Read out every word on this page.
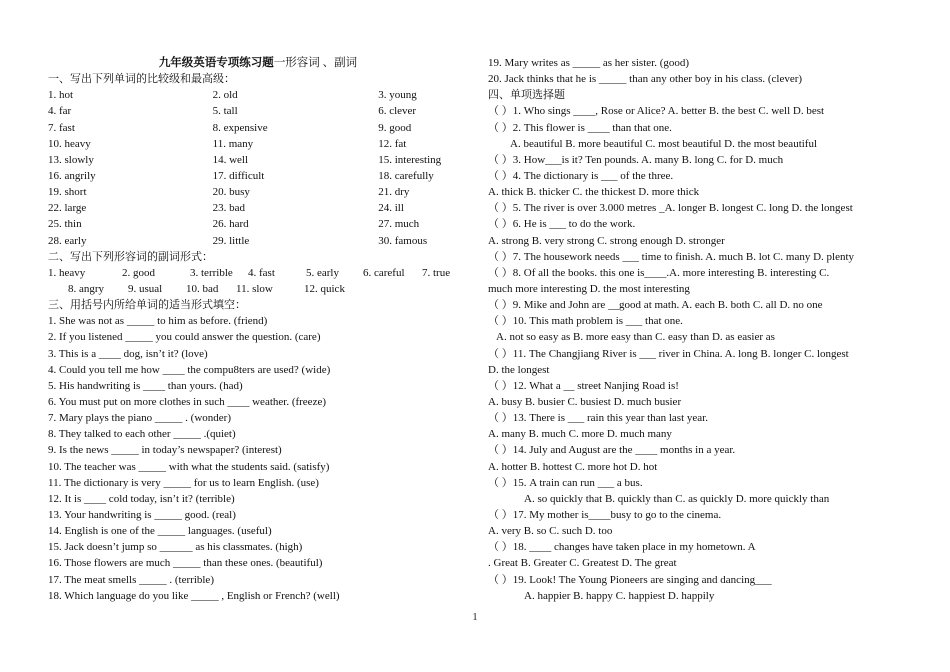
九年级英语专项练习题一形容词 、副词
一、写出下列单词的比较级和最高级：
1. hot	2. old	3. young
4. far	5. tall	6. clever
7. fast	8. expensive	9. good
10. heavy	11. many	12. fat
13. slowly	14. well	15. interesting
16. angrily	17. difficult	18. carefully
19. short	20. busy	21. dry
22. large	23. bad	24. ill
25. thin	26. hard	27. much
28. early	29. little	30. famous
二、写出下列形容词的副词形式：
1. heavy	2. good	3. terrible 4. fast	5. early 6. careful 7. true
8. angry 9. usual 10. bad 11. slow	12. quick
三、用括号内所给单词的适当形式填空：
1. She was not as _____ to him as before. (friend)
2. If you listened _____ you could answer the question. (care)
3. This is a ____ dog, isn’t it? (love)
4. Could you tell me how ____ the compu8ters are used? (wide)
5. His handwriting is ____ than yours. (had)
6. You must put on more clothes in such ____ weather. (freeze)
7. Mary plays the piano _____ . (wonder)
8. They talked to each other _____ .(quiet)
9. Is the news _____ in today’s newspaper? (interest)
10. The teacher was _____ with what the students said. (satisfy)
11. The dictionary is very _____ for us to learn English. (use)
12. It is ____ cold today, isn’t it? (terrible)
13. Your handwriting is _____ good. (real)
14. English is one of the _____ languages. (useful)
15. Jack doesn’t jump so ______ as his classmates. (high)
16. Those flowers are much _____ than these ones. (beautiful)
17. The meat smells _____ . (terrible)
18. Which language do you like _____ , English or French? (well)
19. Mary writes as _____ as her sister. (good)
20. Jack thinks that he is _____ than any other boy in his class. (clever)
四、单项选择题
（ ）1. Who sings ____, Rose or Alice? A. better B. the best C. well D. best
（ ）2. This flower is ____ than that one.
A. beautiful B. more beautiful C. most beautiful D. the most beautiful
（ ）3. How___is it? Ten pounds. A. many B. long C. for D. much
（ ）4. The dictionary is ___ of the three.
A. thick B. thicker C. the thickest D. more thick
（ ）5. The river is over 3.000 metres _A. longer B. longest C. long D. the longest
（ ）6. He is ___ to do the work.
A. strong B. very strong C. strong enough D. stronger
（ ）7. The housework needs ___ time to finish. A. much B. lot C. many D. plenty
（ ）8. Of all the books. this one is____.A. more interesting B. interesting C.
much more interesting D. the most interesting
（ ）9. Mike and John are __good at math. A. each B. both C. all D. no one
（ ）10. This math problem is ___ that one.
A. not so easy as B. more easy than C. easy than D. as easier as
（ ）11. The Changjiang River is ___ river in China. A. long B. longer C. longest
D. the longest
（ ）12. What a __ street Nanjing Road is!
A. busy B. busier C. busiest D. much busier
（ ）13. There is ___ rain this year than last year.
A. many B. much C. more D. much many
（ ）14. July and August are the ____ months in a year.
A. hotter B. hottest C. more hot D. hot
（ ）15. A train can run ___ a bus.
A. so quickly that B. quickly than C. as quickly D. more quickly than
（ ）17. My mother is____busy to go to the cinema.
A. very B. so C. such D. too
（ ）18. ____ changes have taken place in my hometown. A
. Great B. Greater C. Greatest D. The great
（ ）19. Look! The Young Pioneers are singing and dancing___
A. happier B. happy C. happiest D. happily
1
